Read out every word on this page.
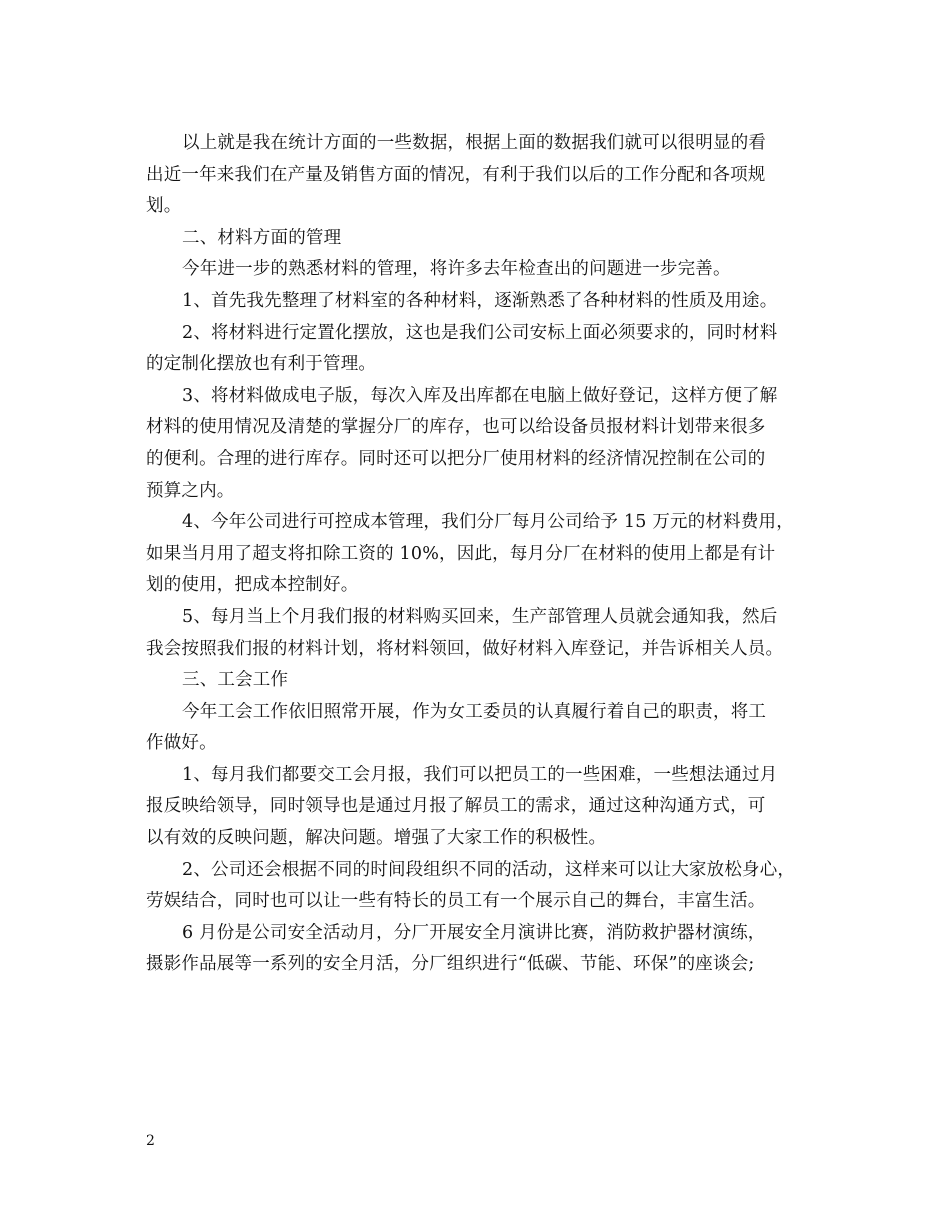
以上就是我在统计方面的一些数据，根据上面的数据我们就可以很明显的看
出近一年来我们在产量及销售方面的情况，有利于我们以后的工作分配和各项规
划。
二、材料方面的管理
今年进一步的熟悉材料的管理，将许多去年检查出的问题进一步完善。
1、首先我先整理了材料室的各种材料，逐渐熟悉了各种材料的性质及用途。
2、将材料进行定置化摆放，这也是我们公司安标上面必须要求的，同时材料
的定制化摆放也有利于管理。
3、将材料做成电子版，每次入库及出库都在电脑上做好登记，这样方便了解
材料的使用情况及清楚的掌握分厂的库存，也可以给设备员报材料计划带来很多
的便利。合理的进行库存。同时还可以把分厂使用材料的经济情况控制在公司的
预算之内。
4、今年公司进行可控成本管理，我们分厂每月公司给予 15 万元的材料费用，
如果当月用了超支将扣除工资的 10%，因此，每月分厂在材料的使用上都是有计
划的使用，把成本控制好。
5、每月当上个月我们报的材料购买回来，生产部管理人员就会通知我，然后
我会按照我们报的材料计划，将材料领回，做好材料入库登记，并告诉相关人员。
三、工会工作
今年工会工作依旧照常开展，作为女工委员的认真履行着自己的职责，将工
作做好。
1、每月我们都要交工会月报，我们可以把员工的一些困难，一些想法通过月
报反映给领导，同时领导也是通过月报了解员工的需求，通过这种沟通方式，可
以有效的反映问题，解决问题。增强了大家工作的积极性。
2、公司还会根据不同的时间段组织不同的活动，这样来可以让大家放松身心，
劳娱结合，同时也可以让一些有特长的员工有一个展示自己的舞台，丰富生活。
6 月份是公司安全活动月，分厂开展安全月演讲比赛，消防救护器材演练，
摄影作品展等一系列的安全月活，分厂组织进行“低碳、节能、环保”的座谈会;
2
